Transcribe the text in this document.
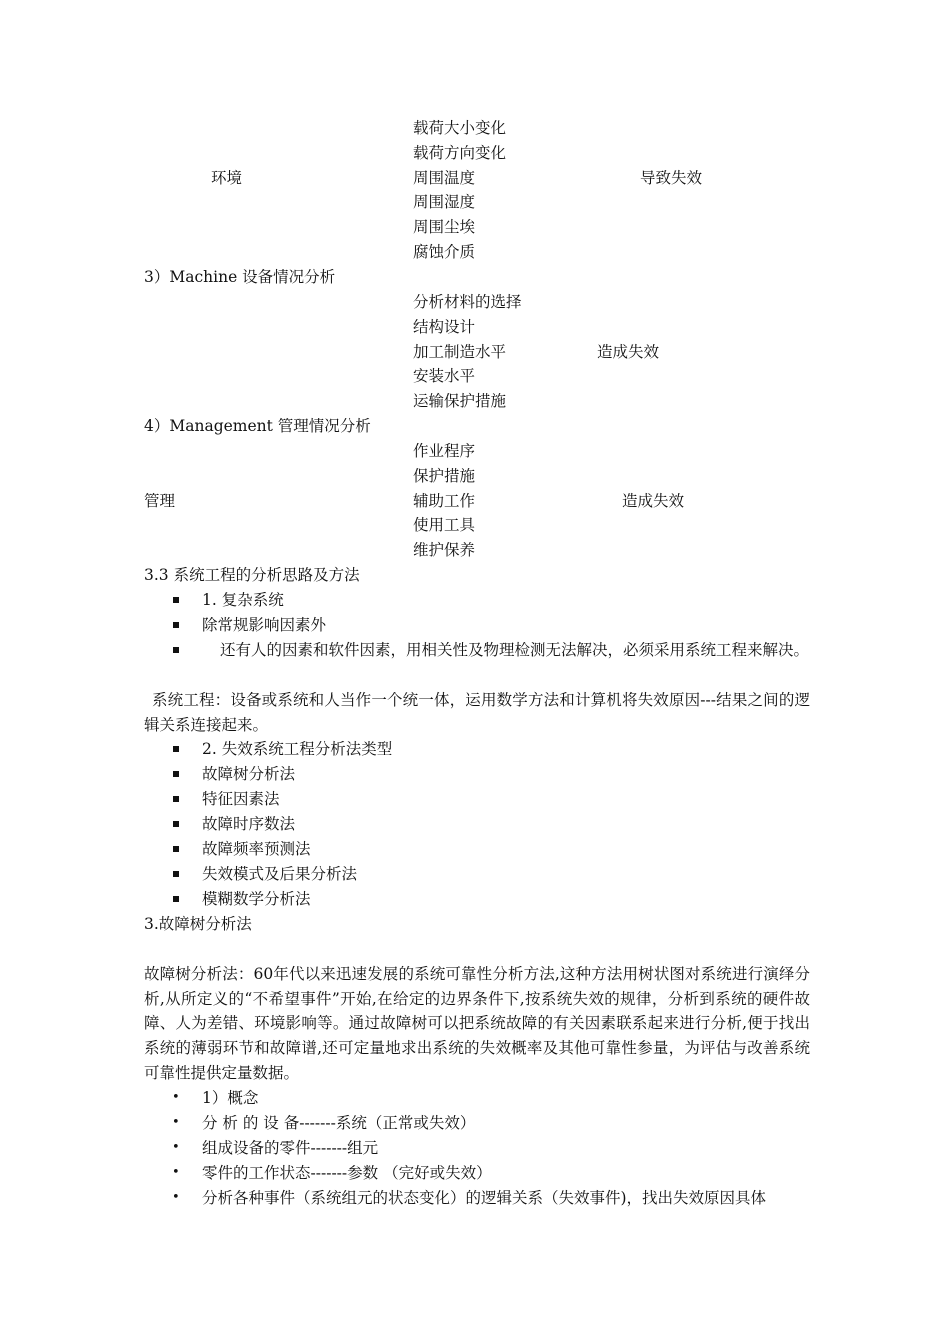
载荷大小变化
载荷方向变化
周围温度
周围湿度
周围尘埃
腐蚀介质
环境	导致失效
3）Machine 设备情况分析
分析材料的选择
结构设计
加工制造水平
安装水平
运输保护措施
造成失效
4）Management 管理情况分析
作业程序
保护措施
辅助工作
使用工具
维护保养
管理	造成失效
3.3 系统工程的分析思路及方法
1. 复杂系统
除常规影响因素外
还有人的因素和软件因素，用相关性及物理检测无法解决，必须采用系统工程来解决。
系统工程：设备或系统和人当作一个统一体，运用数学方法和计算机将失效原因---结果之间的逻辑关系连接起来。
2. 失效系统工程分析法类型
故障树分析法
特征因素法
故障时序数法
故障频率预测法
失效模式及后果分析法
模糊数学分析法
3.故障树分析法
故障树分析法：60年代以来迅速发展的系统可靠性分析方法,这种方法用树状图对系统进行演绎分析,从所定义的“不希望事件”开始,在给定的边界条件下,按系统失效的规律，分析到系统的硬件故障、人为差错、环境影响等。通过故障树可以把系统故障的有关因素联系起来进行分析,便于找出系统的薄弱环节和故障谱,还可定量地求出系统的失效概率及其他可靠性参量，为评估与改善系统可靠性提供定量数据。
• 1）概念
• 分 析 的 设 备-------系统（正常或失效）
• 组成设备的零件-------组元
• 零件的工作状态-------参数 （完好或失效）
• 分析各种事件（系统组元的状态变化）的逻辑关系（失效事件)，找出失效原因具体
